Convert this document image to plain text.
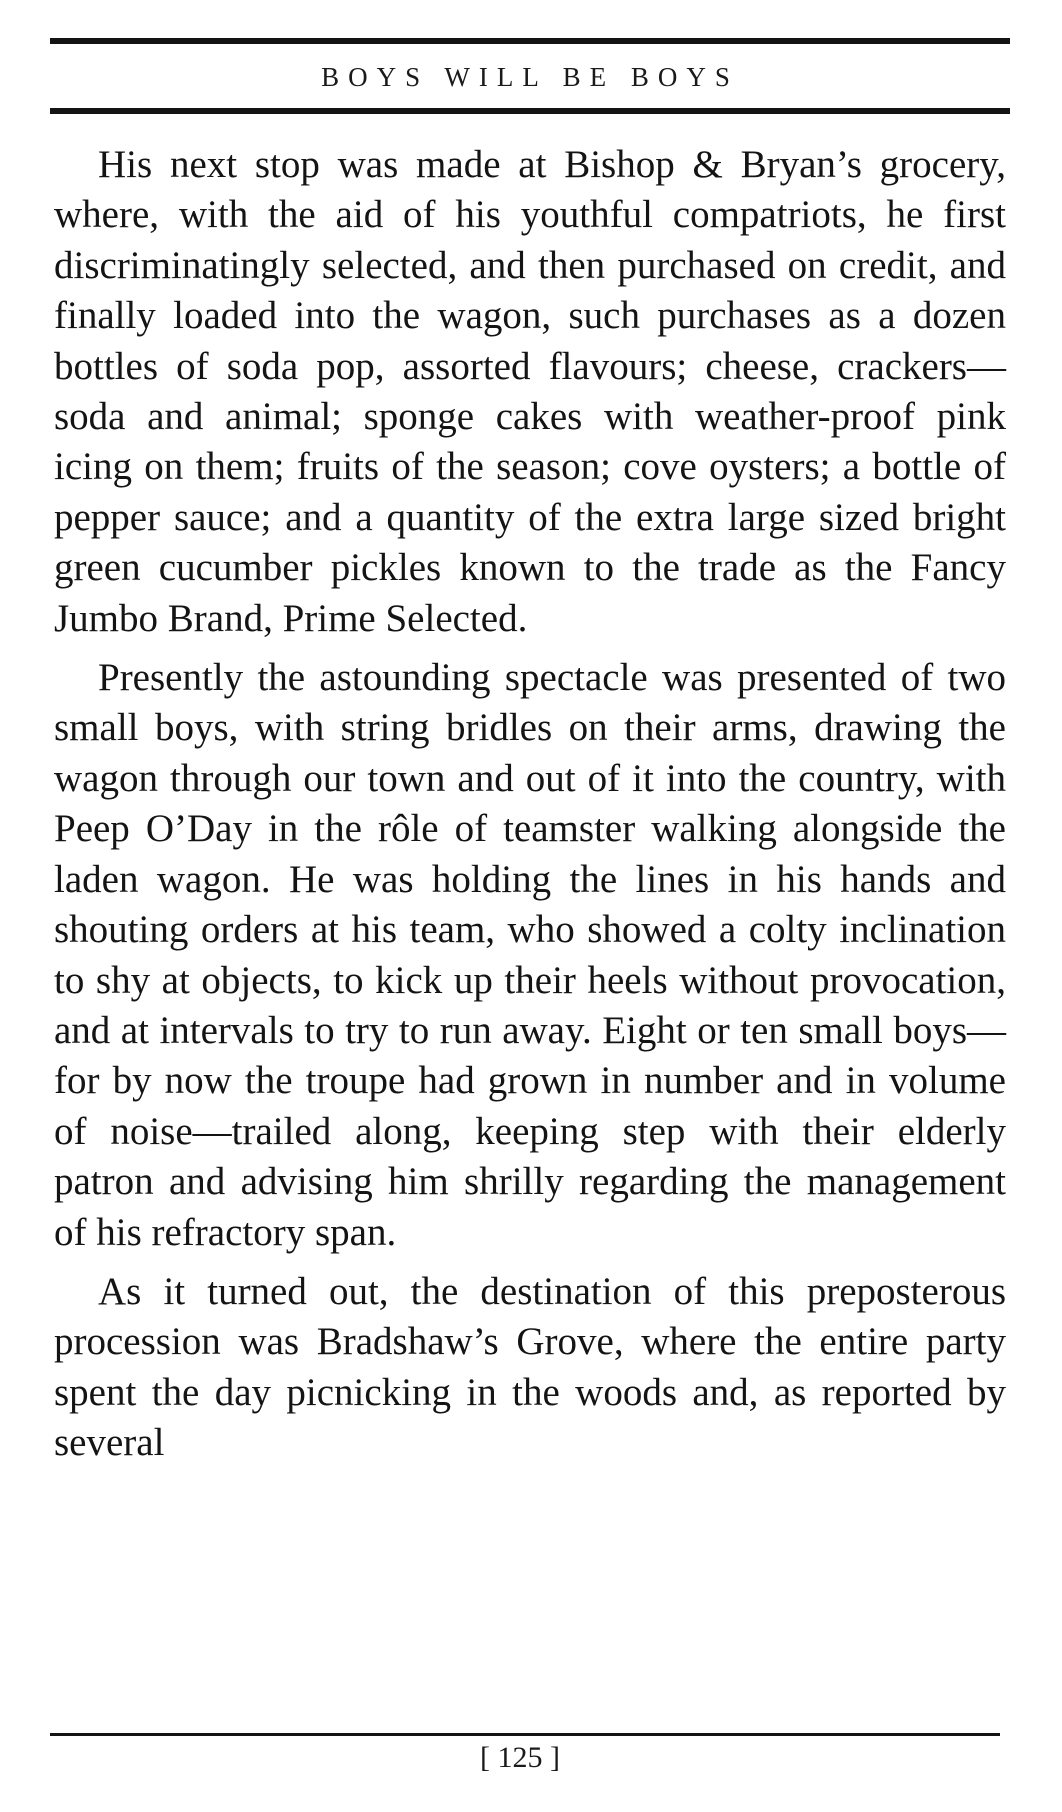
BOYS WILL BE BOYS

His next stop was made at Bishop & Bryan’s grocery, where, with the aid of his youthful compatriots, he first discriminatingly selected, and then purchased on credit, and finally loaded into the wagon, such purchases as a dozen bottles of soda pop, assorted flavours; cheese, crackers—soda and animal; sponge cakes with weather-proof pink icing on them; fruits of the season; cove oysters; a bottle of pepper sauce; and a quantity of the extra large sized bright green cucumber pickles known to the trade as the Fancy Jumbo Brand, Prime Selected.

Presently the astounding spectacle was presented of two small boys, with string bridles on their arms, drawing the wagon through our town and out of it into the country, with Peep O’Day in the rôle of teamster walking alongside the laden wagon. He was holding the lines in his hands and shouting orders at his team, who showed a colty inclination to shy at objects, to kick up their heels without provocation, and at intervals to try to run away. Eight or ten small boys—for by now the troupe had grown in number and in volume of noise—trailed along, keeping step with their elderly patron and advising him shrilly regarding the management of his refractory span.

As it turned out, the destination of this preposterous procession was Bradshaw’s Grove, where the entire party spent the day picnicking in the woods and, as reported by several

[ 125 ]
